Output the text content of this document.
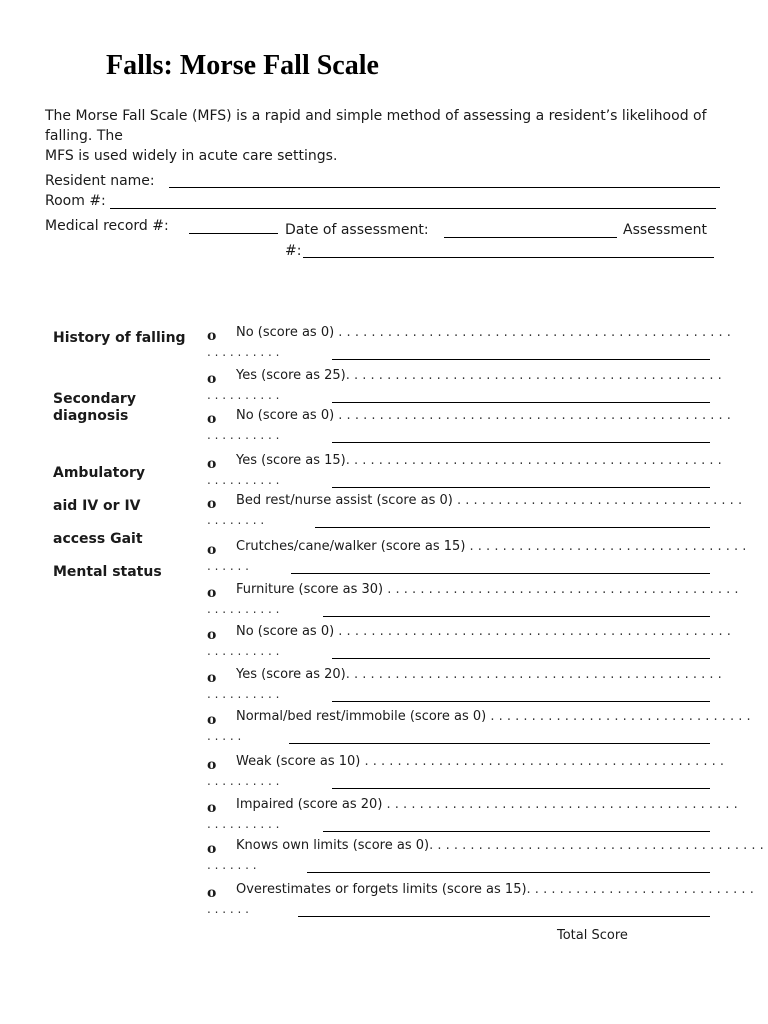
Falls: Morse Fall Scale
The Morse Fall Scale (MFS) is a rapid and simple method of assessing a resident’s likelihood of falling. The
MFS is used widely in acute care settings.
Resident name:
Room #:
Medical record #:	Date of assessment:	Assessment
#:
History of falling
Secondary diagnosis
Ambulatory
aid IV or IV
access Gait
Mental status
o No (score as 0) . . . . . . . . . . . . . . . . . . . . . . . . . . . . . . . . . . . . . . . . . . . . . . . .
. . . . . . . . . .
o Yes (score as 25). . . . . . . . . . . . . . . . . . . . . . . . . . . . . . . . . . . . . . . . . . . . . .
. . . . . . . . . .
o No (score as 0) . . . . . . . . . . . . . . . . . . . . . . . . . . . . . . . . . . . . . . . . . . . . . . . .
. . . . . . . . . .
o Yes (score as 15). . . . . . . . . . . . . . . . . . . . . . . . . . . . . . . . . . . . . . . . . . . . . .
. . . . . . . . . .
o Bed rest/nurse assist (score as 0) . . . . . . . . . . . . . . . . . . . . . . . . . . . . . . . . . . .
. . . . . . . .
o Crutches/cane/walker (score as 15) . . . . . . . . . . . . . . . . . . . . . . . . . . . . . . . . . .
. . . . . .
o Furniture (score as 30) . . . . . . . . . . . . . . . . . . . . . . . . . . . . . . . . . . . . . . . . . . .
. . . . . . . . . .
o No (score as 0) . . . . . . . . . . . . . . . . . . . . . . . . . . . . . . . . . . . . . . . . . . . . . . . .
. . . . . . . . . .
o Yes (score as 20). . . . . . . . . . . . . . . . . . . . . . . . . . . . . . . . . . . . . . . . . . . . . .
. . . . . . . . . .
o Normal/bed rest/immobile (score as 0) . . . . . . . . . . . . . . . . . . . . . . . . . . . . . . . .
. . . . .
o Weak (score as 10) . . . . . . . . . . . . . . . . . . . . . . . . . . . . . . . . . . . . . . . . . . . .
. . . . . . . . . .
o Impaired (score as 20) . . . . . . . . . . . . . . . . . . . . . . . . . . . . . . . . . . . . . . . . . . .
. . . . . . . . . .
o Knows own limits (score as 0). . . . . . . . . . . . . . . . . . . . . . . . . . . . . . . . . . . . . . . . .
. . . . . . .
o Overestimates or forgets limits (score as 15). . . . . . . . . . . . . . . . . . . . . . . . . . . .
. . . . . .
Total Score
